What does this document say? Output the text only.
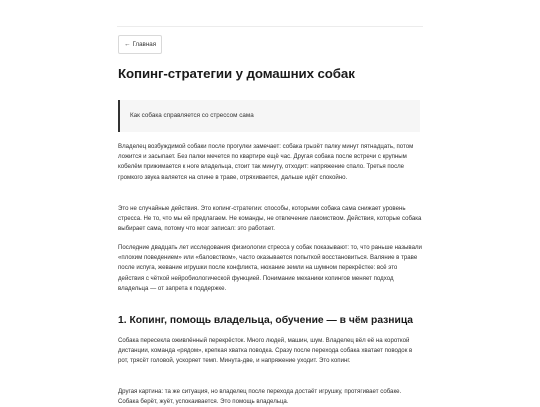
← Главная
Копинг-стратегии у домашних собак
Как собака справляется со стрессом сама

Владелец возбуждимой собаки после прогулки замечает: собака грызёт палку минут пятнадцать, потом ложится и засыпает. Без палки мечется по квартире ещё час. Другая собака после встречи с крупным кобелём прижимается к ноге владельца, стоит так минуту, отходит: напряжение спало. Третья после громкого звука валяется на спине в траве, отряхивается, дальше идёт спокойно.

Это не случайные действия. Это копинг-стратегии: способы, которыми собака сама снижает уровень стресса. Не то, что мы ей предлагаем. Не команды, не отвлечение лакомством. Действия, которые собака выбирает сама, потому что мозг записал: это работает.

Последние двадцать лет исследования физиологии стресса у собак показывают: то, что раньше называли «плохим поведением» или «баловством», часто оказывается попыткой восстановиться. Валяние в траве после испуга, жевание игрушки после конфликта, нюхание земли на шумном перекрёстке: всё это действия с чёткой нейробиологической функцией. Понимание механики копингов меняет подход владельца — от запрета к поддержке.

1. Копинг, помощь владельца, обучение — в чём разница

Собака пересекла оживлённый перекрёсток. Много людей, машин, шум. Владелец вёл её на короткой дистанции, команда «рядом», крепкая хватка поводка. Сразу после перехода собака хватает поводок в рот, трясёт головой, ускоряет темп. Минута-две, и напряжение уходит. Это копинг.

Другая картина: та же ситуация, но владелец после перехода достаёт игрушку, протягивает собаке. Собака берёт, жуёт, успокаивается. Это помощь владельца.
